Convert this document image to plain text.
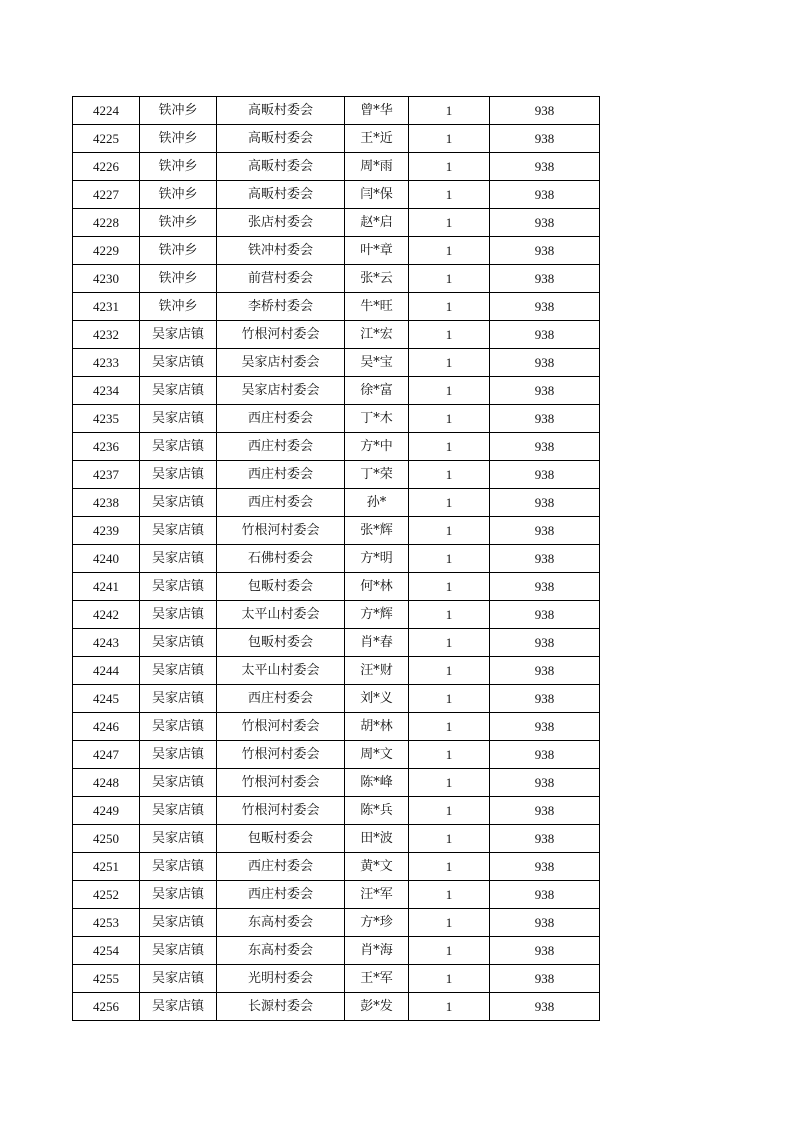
4224	铁冲乡	高畈村委会	曾*华	1	938
4225	铁冲乡	高畈村委会	王*近	1	938
4226	铁冲乡	高畈村委会	周*雨	1	938
4227	铁冲乡	高畈村委会	闫*保	1	938
4228	铁冲乡	张店村委会	赵*启	1	938
4229	铁冲乡	铁冲村委会	叶*章	1	938
4230	铁冲乡	前营村委会	张*云	1	938
4231	铁冲乡	李桥村委会	牛*旺	1	938
4232	吴家店镇	竹根河村委会	江*宏	1	938
4233	吴家店镇	吴家店村委会	吴*宝	1	938
4234	吴家店镇	吴家店村委会	徐*富	1	938
4235	吴家店镇	西庄村委会	丁*木	1	938
4236	吴家店镇	西庄村委会	方*中	1	938
4237	吴家店镇	西庄村委会	丁*荣	1	938
4238	吴家店镇	西庄村委会	孙*	1	938
4239	吴家店镇	竹根河村委会	张*辉	1	938
4240	吴家店镇	石佛村委会	方*明	1	938
4241	吴家店镇	包畈村委会	何*林	1	938
4242	吴家店镇	太平山村委会	方*辉	1	938
4243	吴家店镇	包畈村委会	肖*春	1	938
4244	吴家店镇	太平山村委会	汪*财	1	938
4245	吴家店镇	西庄村委会	刘*义	1	938
4246	吴家店镇	竹根河村委会	胡*林	1	938
4247	吴家店镇	竹根河村委会	周*文	1	938
4248	吴家店镇	竹根河村委会	陈*峰	1	938
4249	吴家店镇	竹根河村委会	陈*兵	1	938
4250	吴家店镇	包畈村委会	田*波	1	938
4251	吴家店镇	西庄村委会	黄*文	1	938
4252	吴家店镇	西庄村委会	汪*军	1	938
4253	吴家店镇	东高村委会	方*珍	1	938
4254	吴家店镇	东高村委会	肖*海	1	938
4255	吴家店镇	光明村委会	王*军	1	938
4256	吴家店镇	长源村委会	彭*发	1	938
